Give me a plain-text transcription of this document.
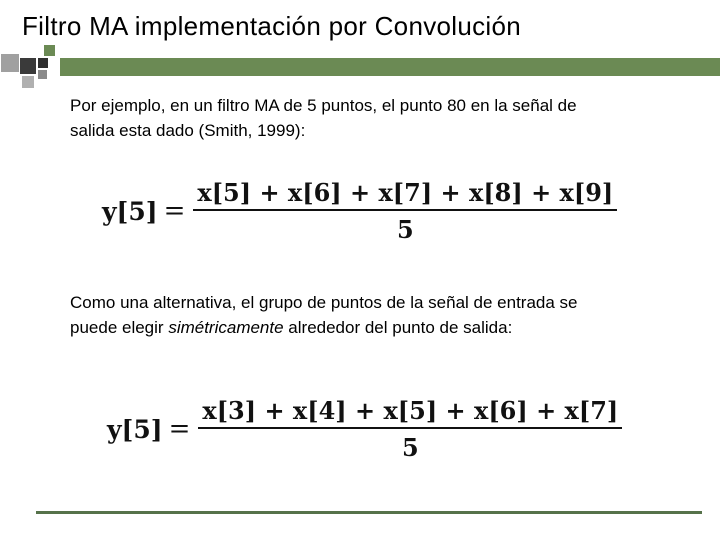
Filtro MA implementación por Convolución
Por ejemplo, en un filtro MA de 5 puntos, el punto 80 en la señal de
salida esta dado (Smith, 1999):
$y[5] = \frac{x[5] + x[6] + x[7] + x[8] + x[9]}{5}$
Como una alternativa, el grupo de puntos de la señal de entrada se
puede elegir simétricamente alrededor del punto de salida:
$y[5] = \frac{x[3] + x[4] + x[5] + x[6] + x[7]}{5}$
